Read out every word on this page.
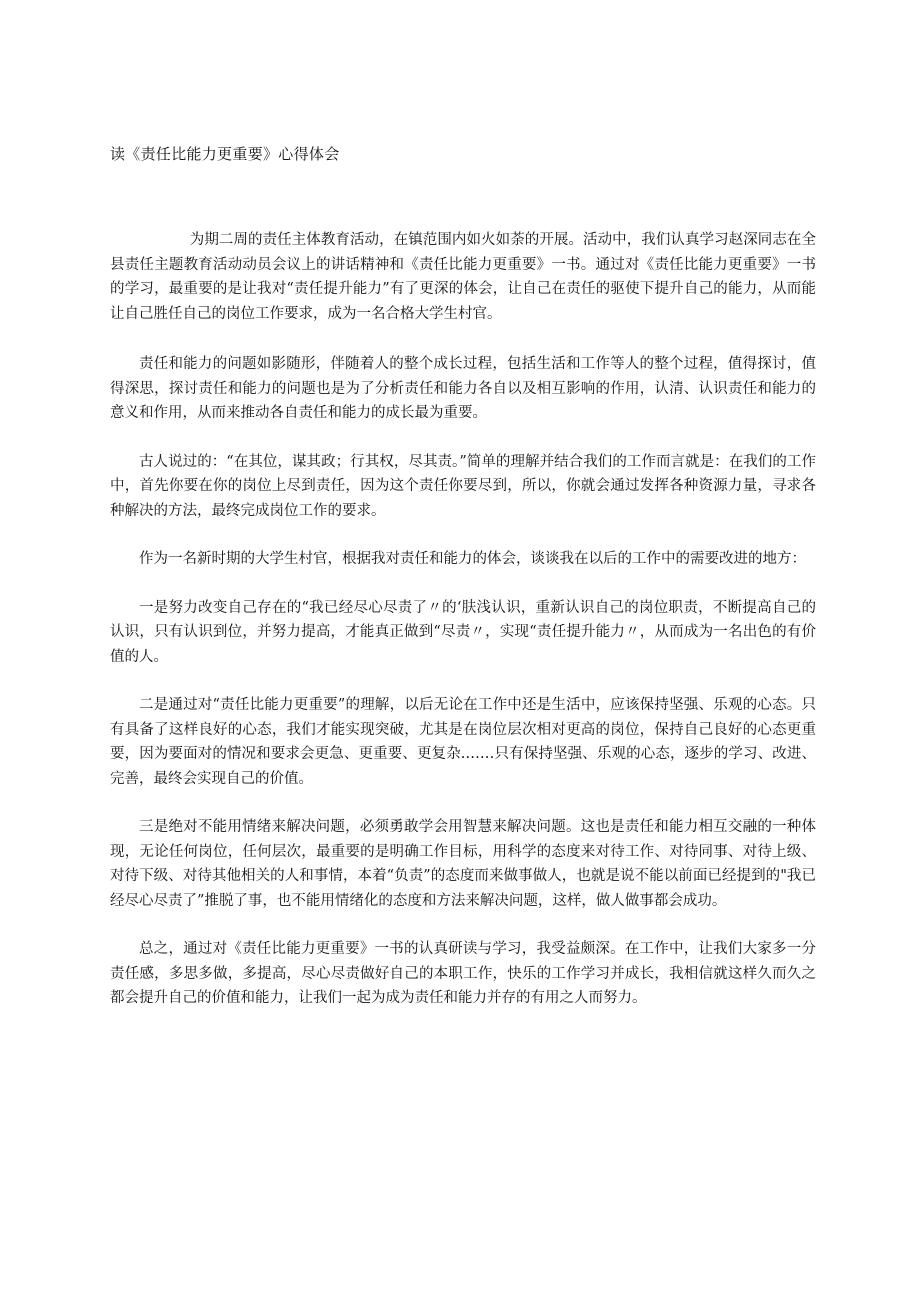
读《责任比能力更重要》心得体会

为期二周的责任主体教育活动，在镇范围内如火如荼的开展。活动中，我们认真学习赵深同志在全县责任主题教育活动动员会议上的讲话精神和《责任比能力更重要》一书。通过对《责任比能力更重要》一书的学习，最重要的是让我对“责任提升能力”有了更深的体会，让自己在责任的驱使下提升自己的能力，从而能让自己胜任自己的岗位工作要求，成为一名合格大学生村官。

责任和能力的问题如影随形，伴随着人的整个成长过程，包括生活和工作等人的整个过程，值得探讨，值得深思，探讨责任和能力的问题也是为了分析责任和能力各自以及相互影响的作用，认清、认识责任和能力的意义和作用，从而来推动各自责任和能力的成长最为重要。

古人说过的：“在其位，谋其政；行其权，尽其责。”简单的理解并结合我们的工作而言就是：在我们的工作中，首先你要在你的岗位上尽到责任，因为这个责任你要尽到，所以，你就会通过发挥各种资源力量，寻求各种解决的方法，最终完成岗位工作的要求。

作为一名新时期的大学生村官，根据我对责任和能力的体会，谈谈我在以后的工作中的需要改进的地方：

一是努力改变自己存在的“我已经尽心尽责了〃的‘肤浅认识，重新认识自己的岗位职责，不断提高自己的认识，只有认识到位，并努力提高，才能真正做到“尽责〃，实现“责任提升能力〃，从而成为一名出色的有价值的人。

二是通过对“责任比能力更重要”的理解，以后无论在工作中还是生活中，应该保持坚强、乐观的心态。只有具备了这样良好的心态，我们才能实现突破，尤其是在岗位层次相对更高的岗位，保持自己良好的心态更重要，因为要面对的情况和要求会更急、更重要、更复杂.……只有保持坚强、乐观的心态，逐步的学习、改进、完善，最终会实现自己的价值。

三是绝对不能用情绪来解决问题，必须勇敢学会用智慧来解决问题。这也是责任和能力相互交融的一种体现，无论任何岗位，任何层次，最重要的是明确工作目标，用科学的态度来对待工作、对待同事、对待上级、对待下级、对待其他相关的人和事情，本着“负责”的态度而来做事做人，也就是说不能以前面已经提到的"我已经尽心尽责了”推脱了事，也不能用情绪化的态度和方法来解决问题，这样，做人做事都会成功。

总之，通过对《责任比能力更重要》一书的认真研读与学习，我受益颇深。在工作中，让我们大家多一分责任感，多思多做，多提高，尽心尽责做好自己的本职工作，快乐的工作学习并成长，我相信就这样久而久之都会提升自己的价值和能力，让我们一起为成为责任和能力并存的有用之人而努力。
